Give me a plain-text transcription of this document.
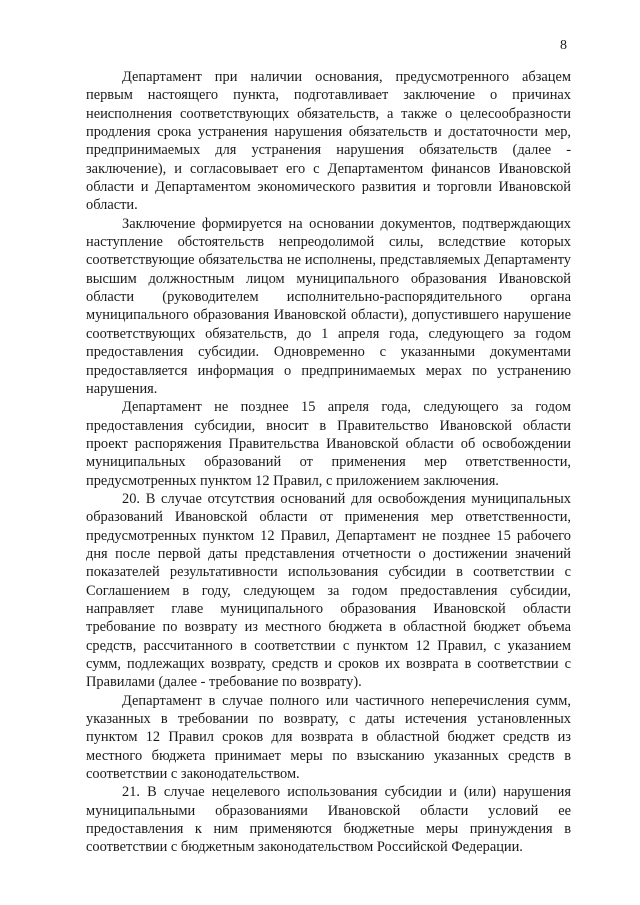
8

Департамент при наличии основания, предусмотренного абзацем первым настоящего пункта, подготавливает заключение о причинах неисполнения соответствующих обязательств, а также о целесообразности продления срока устранения нарушения обязательств и достаточности мер, предпринимаемых для устранения нарушения обязательств (далее - заключение), и согласовывает его с Департаментом финансов Ивановской области и Департаментом экономического развития и торговли Ивановской области.

Заключение формируется на основании документов, подтверждающих наступление обстоятельств непреодолимой силы, вследствие которых соответствующие обязательства не исполнены, представляемых Департаменту высшим должностным лицом муниципального образования Ивановской области (руководителем исполнительно-распорядительного органа муниципального образования Ивановской области), допустившего нарушение соответствующих обязательств, до 1 апреля года, следующего за годом предоставления субсидии. Одновременно с указанными документами предоставляется информация о предпринимаемых мерах по устранению нарушения.

Департамент не позднее 15 апреля года, следующего за годом предоставления субсидии, вносит в Правительство Ивановской области проект распоряжения Правительства Ивановской области об освобождении муниципальных образований от применения мер ответственности, предусмотренных пунктом 12 Правил, с приложением заключения.

20. В случае отсутствия оснований для освобождения муниципальных образований Ивановской области от применения мер ответственности, предусмотренных пунктом 12 Правил, Департамент не позднее 15 рабочего дня после первой даты представления отчетности о достижении значений показателей результативности использования субсидии в соответствии с Соглашением в году, следующем за годом предоставления субсидии, направляет главе муниципального образования Ивановской области требование по возврату из местного бюджета в областной бюджет объема средств, рассчитанного в соответствии с пунктом 12 Правил, с указанием сумм, подлежащих возврату, средств и сроков их возврата в соответствии с Правилами (далее - требование по возврату).

Департамент в случае полного или частичного неперечисления сумм, указанных в требовании по возврату, с даты истечения установленных пунктом 12 Правил сроков для возврата в областной бюджет средств из местного бюджета принимает меры по взысканию указанных средств в соответствии с законодательством.

21. В случае нецелевого использования субсидии и (или) нарушения муниципальными образованиями Ивановской области условий ее предоставления к ним применяются бюджетные меры принуждения в соответствии с бюджетным законодательством Российской Федерации.
